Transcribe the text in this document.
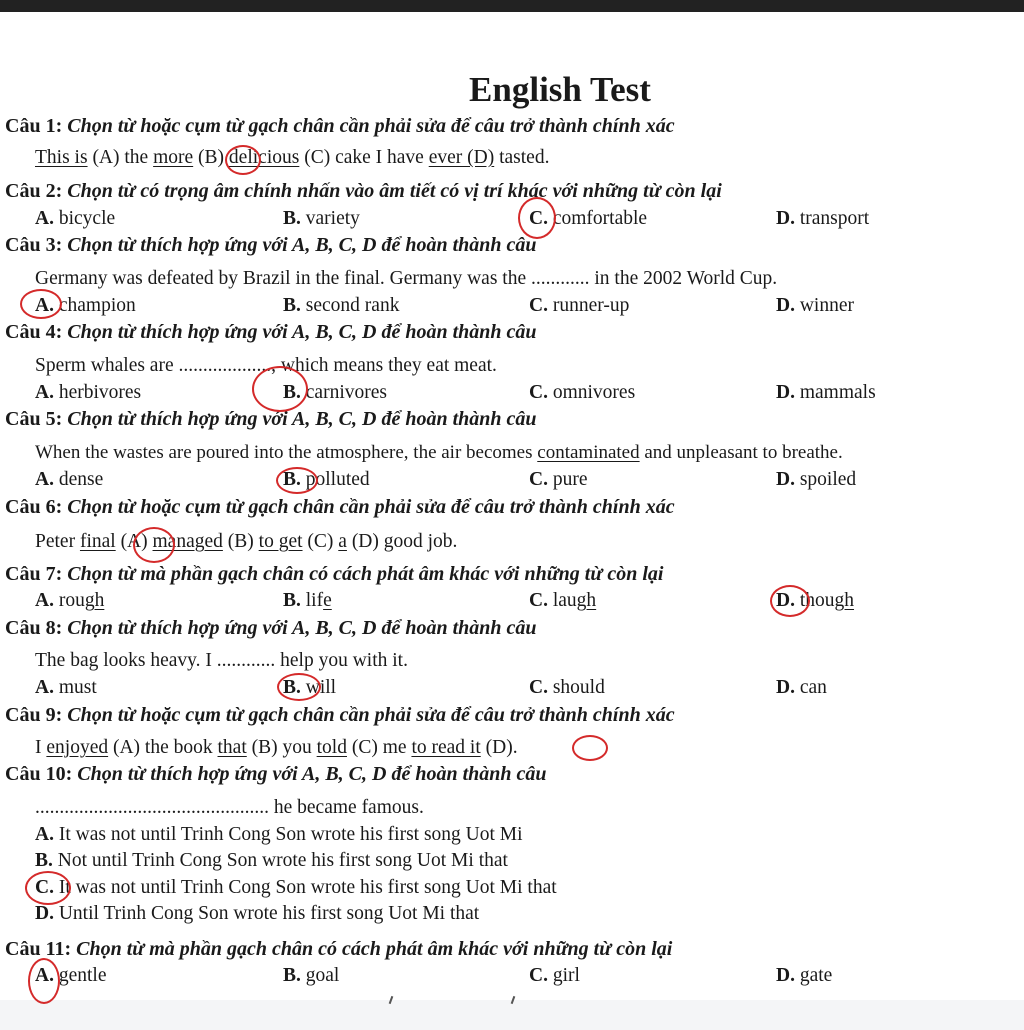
English Test
Câu 1: Chọn từ hoặc cụm từ gạch chân cần phải sửa để câu trở thành chính xác
This is (A) the more (B) delicious (C) cake I have ever (D) tasted.
Câu 2: Chọn từ có trọng âm chính nhấn vào âm tiết có vị trí khác với những từ còn lại
A. bicycle	B. variety	C. comfortable	D. transport
Câu 3: Chọn từ thích hợp ứng với A, B, C, D để hoàn thành câu
Germany was defeated by Brazil in the final. Germany was the ............ in the 2002 World Cup.
A. champion	B. second rank	C. runner-up	D. winner
Câu 4: Chọn từ thích hợp ứng với A, B, C, D để hoàn thành câu
Sperm whales are ..................., which means they eat meat.
A. herbivores	B. carnivores	C. omnivores	D. mammals
Câu 5: Chọn từ thích hợp ứng với A, B, C, D để hoàn thành câu
When the wastes are poured into the atmosphere, the air becomes contaminated and unpleasant to breathe.
A. dense	B. polluted	C. pure	D. spoiled
Câu 6: Chọn từ hoặc cụm từ gạch chân cần phải sửa để câu trở thành chính xác
Peter final (A) managed (B) to get (C) a (D) good job.
Câu 7: Chọn từ mà phần gạch chân có cách phát âm khác với những từ còn lại
A. rough	B. life	C. laugh	D. though
Câu 8: Chọn từ thích hợp ứng với A, B, C, D để hoàn thành câu
The bag looks heavy. I ............ help you with it.
A. must	B. will	C. should	D. can
Câu 9: Chọn từ hoặc cụm từ gạch chân cần phải sửa để câu trở thành chính xác
I enjoyed (A) the book that (B) you told (C) me to read it (D).
Câu 10: Chọn từ thích hợp ứng với A, B, C, D để hoàn thành câu
................................................ he became famous.
A. It was not until Trinh Cong Son wrote his first song Uot Mi
B. Not until Trinh Cong Son wrote his first song Uot Mi that
C. It was not until Trinh Cong Son wrote his first song Uot Mi that
D. Until Trinh Cong Son wrote his first song Uot Mi that
Câu 11: Chọn từ mà phần gạch chân có cách phát âm khác với những từ còn lại
A. gentle	B. goal	C. girl	D. gate
